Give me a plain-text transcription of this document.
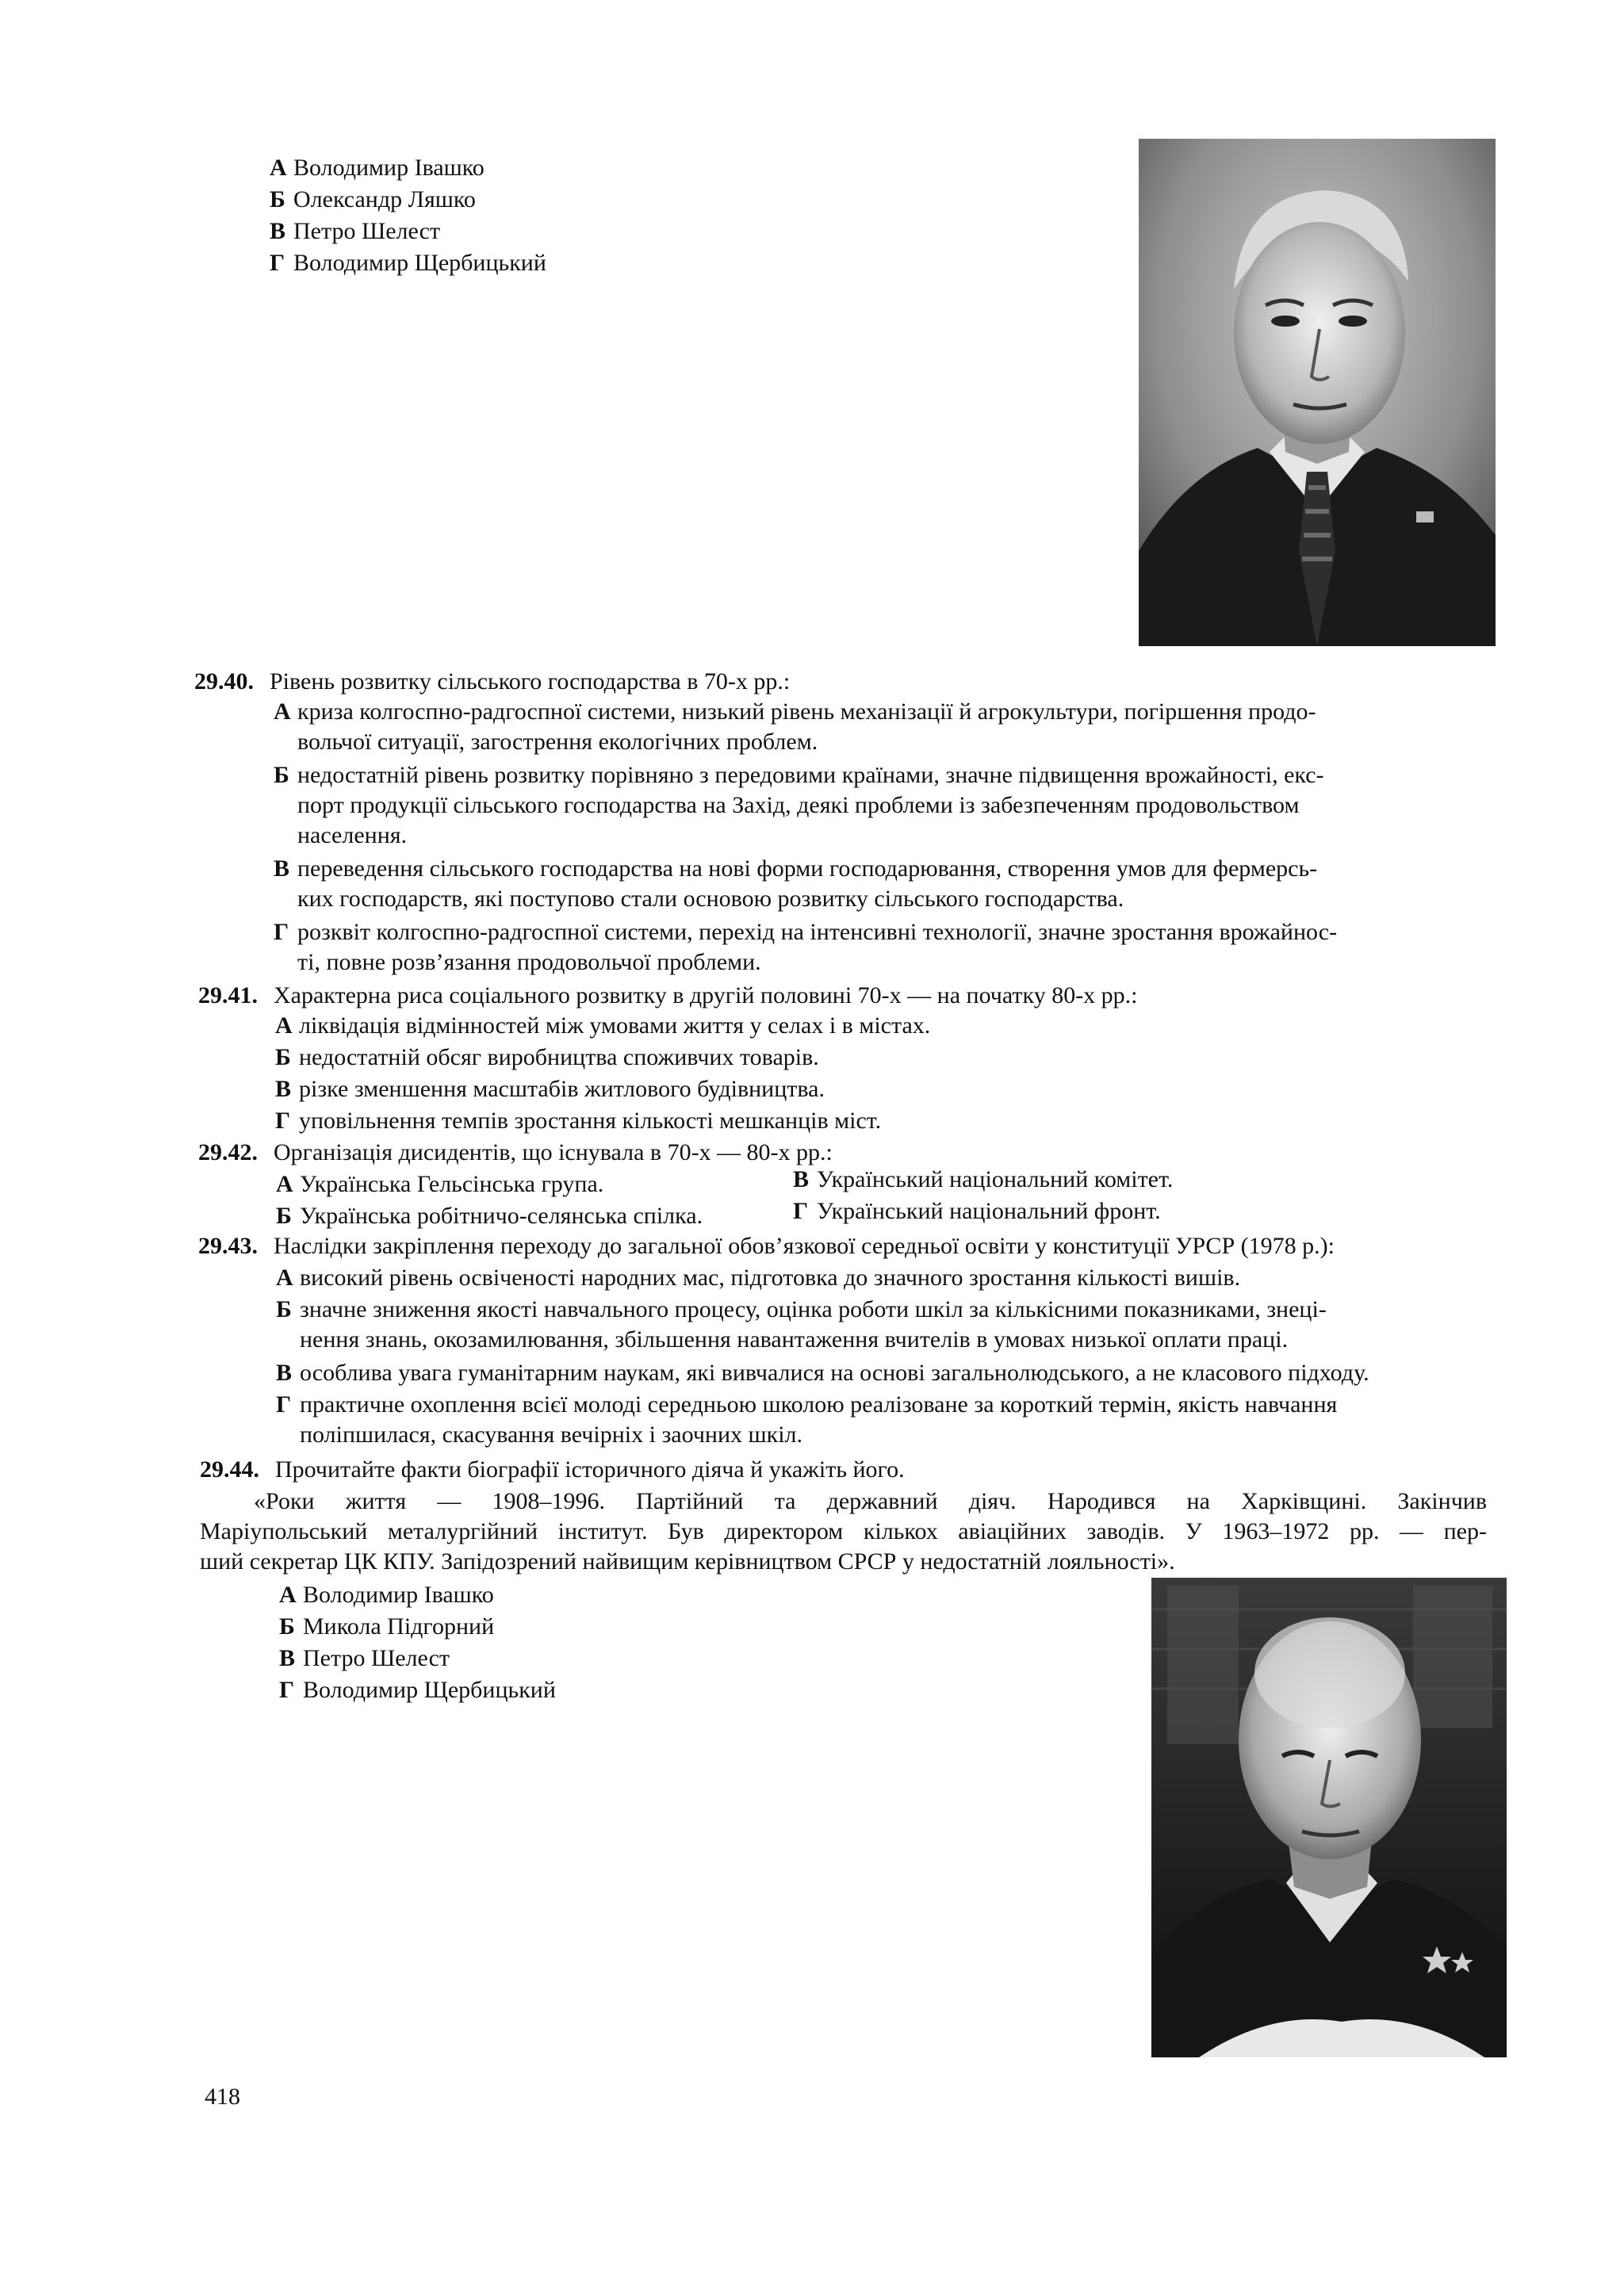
А Володимир Івашко
Б Олександр Ляшко
В Петро Шелест
Г Володимир Щербицький
29.40. Рівень розвитку сільського господарства в 70-х рр.:
А криза колгоспно-радгоспної системи, низький рівень механізації й агрокультури, погіршення продо-
вольчої ситуації, загострення екологічних проблем.
Б недостатній рівень розвитку порівняно з передовими країнами, значне підвищення врожайності, екс-
порт продукції сільського господарства на Захід, деякі проблеми із забезпеченням продовольством
населення.
В переведення сільського господарства на нові форми господарювання, створення умов для фермерсь-
ких господарств, які поступово стали основою розвитку сільського господарства.
Г розквіт колгоспно-радгоспної системи, перехід на інтенсивні технології, значне зростання врожайнос-
ті, повне розв’язання продовольчої проблеми.
29.41. Характерна риса соціального розвитку в другій половині 70-х — на початку 80-х рр.:
А ліквідація відмінностей між умовами життя у селах і в містах.
Б недостатній обсяг виробництва споживчих товарів.
В різке зменшення масштабів житлового будівництва.
Г уповільнення темпів зростання кількості мешканців міст.
29.42. Організація дисидентів, що існувала в 70-х — 80-х рр.:
А Українська Гельсінська група.	В Український національний комітет.
Б Українська робітничо-селянська спілка.	Г Український національний фронт.
29.43. Наслідки закріплення переходу до загальної обов’язкової середньої освіти у конституції УРСР (1978 р.):
А високий рівень освіченості народних мас, підготовка до значного зростання кількості вишів.
Б значне зниження якості навчального процесу, оцінка роботи шкіл за кількісними показниками, знеці-
нення знань, окозамилювання, збільшення навантаження вчителів в умовах низької оплати праці.
В особлива увага гуманітарним наукам, які вивчалися на основі загальнолюдського, а не класового підходу.
Г практичне охоплення всієї молоді середньою школою реалізоване за короткий термін, якість навчання
поліпшилася, скасування вечірніх і заочних шкіл.
29.44. Прочитайте факти біографії історичного діяча й укажіть його.
«Роки життя — 1908–1996. Партійний та державний діяч. Народився на Харківщині. Закінчив
Маріупольський металургійний інститут. Був директором кількох авіаційних заводів. У 1963–1972 рр. — пер-
ший секретар ЦК КПУ. Запідозрений найвищим керівництвом СРСР у недостатній лояльності».
А Володимир Івашко
Б Микола Підгорний
В Петро Шелест
Г Володимир Щербицький
418
